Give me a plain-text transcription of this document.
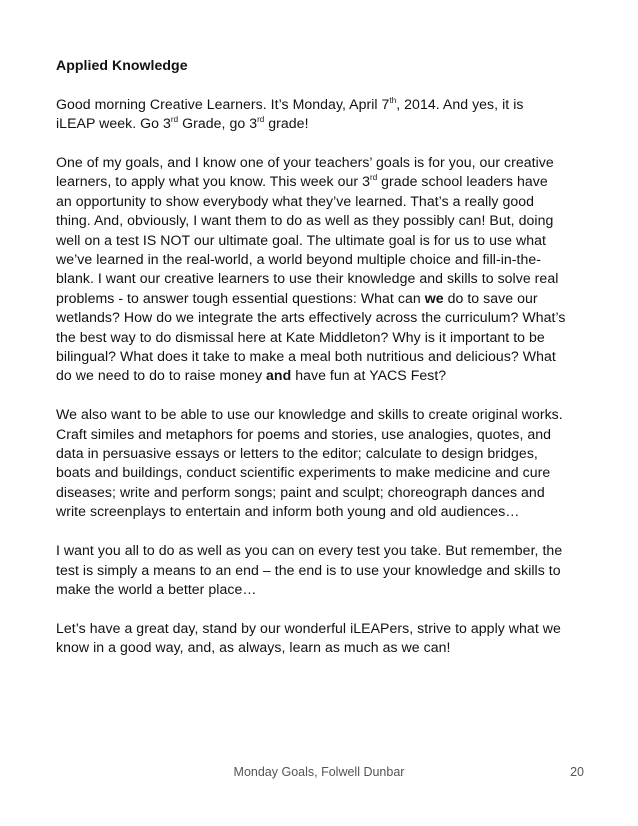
Applied Knowledge
Good morning Creative Learners. It’s Monday, April 7th, 2014. And yes, it is
iLEAP week. Go 3rd Grade, go 3rd grade!
One of my goals, and I know one of your teachers’ goals is for you, our creative
learners, to apply what you know. This week our 3rd grade school leaders have
an opportunity to show everybody what they’ve learned. That’s a really good
thing. And, obviously, I want them to do as well as they possibly can! But, doing
well on a test IS NOT our ultimate goal. The ultimate goal is for us to use what
we’ve learned in the real-world, a world beyond multiple choice and fill-in-the-
blank. I want our creative learners to use their knowledge and skills to solve real
problems - to answer tough essential questions: What can we do to save our
wetlands? How do we integrate the arts effectively across the curriculum? What’s
the best way to do dismissal here at Kate Middleton? Why is it important to be
bilingual? What does it take to make a meal both nutritious and delicious? What
do we need to do to raise money and have fun at YACS Fest?
We also want to be able to use our knowledge and skills to create original works.
Craft similes and metaphors for poems and stories, use analogies, quotes, and
data in persuasive essays or letters to the editor; calculate to design bridges,
boats and buildings, conduct scientific experiments to make medicine and cure
diseases; write and perform songs; paint and sculpt; choreograph dances and
write screenplays to entertain and inform both young and old audiences…
I want you all to do as well as you can on every test you take. But remember, the
test is simply a means to an end – the end is to use your knowledge and skills to
make the world a better place…
Let’s have a great day, stand by our wonderful iLEAPers, strive to apply what we
know in a good way, and, as always, learn as much as we can!
Monday Goals, Folwell Dunbar	20
